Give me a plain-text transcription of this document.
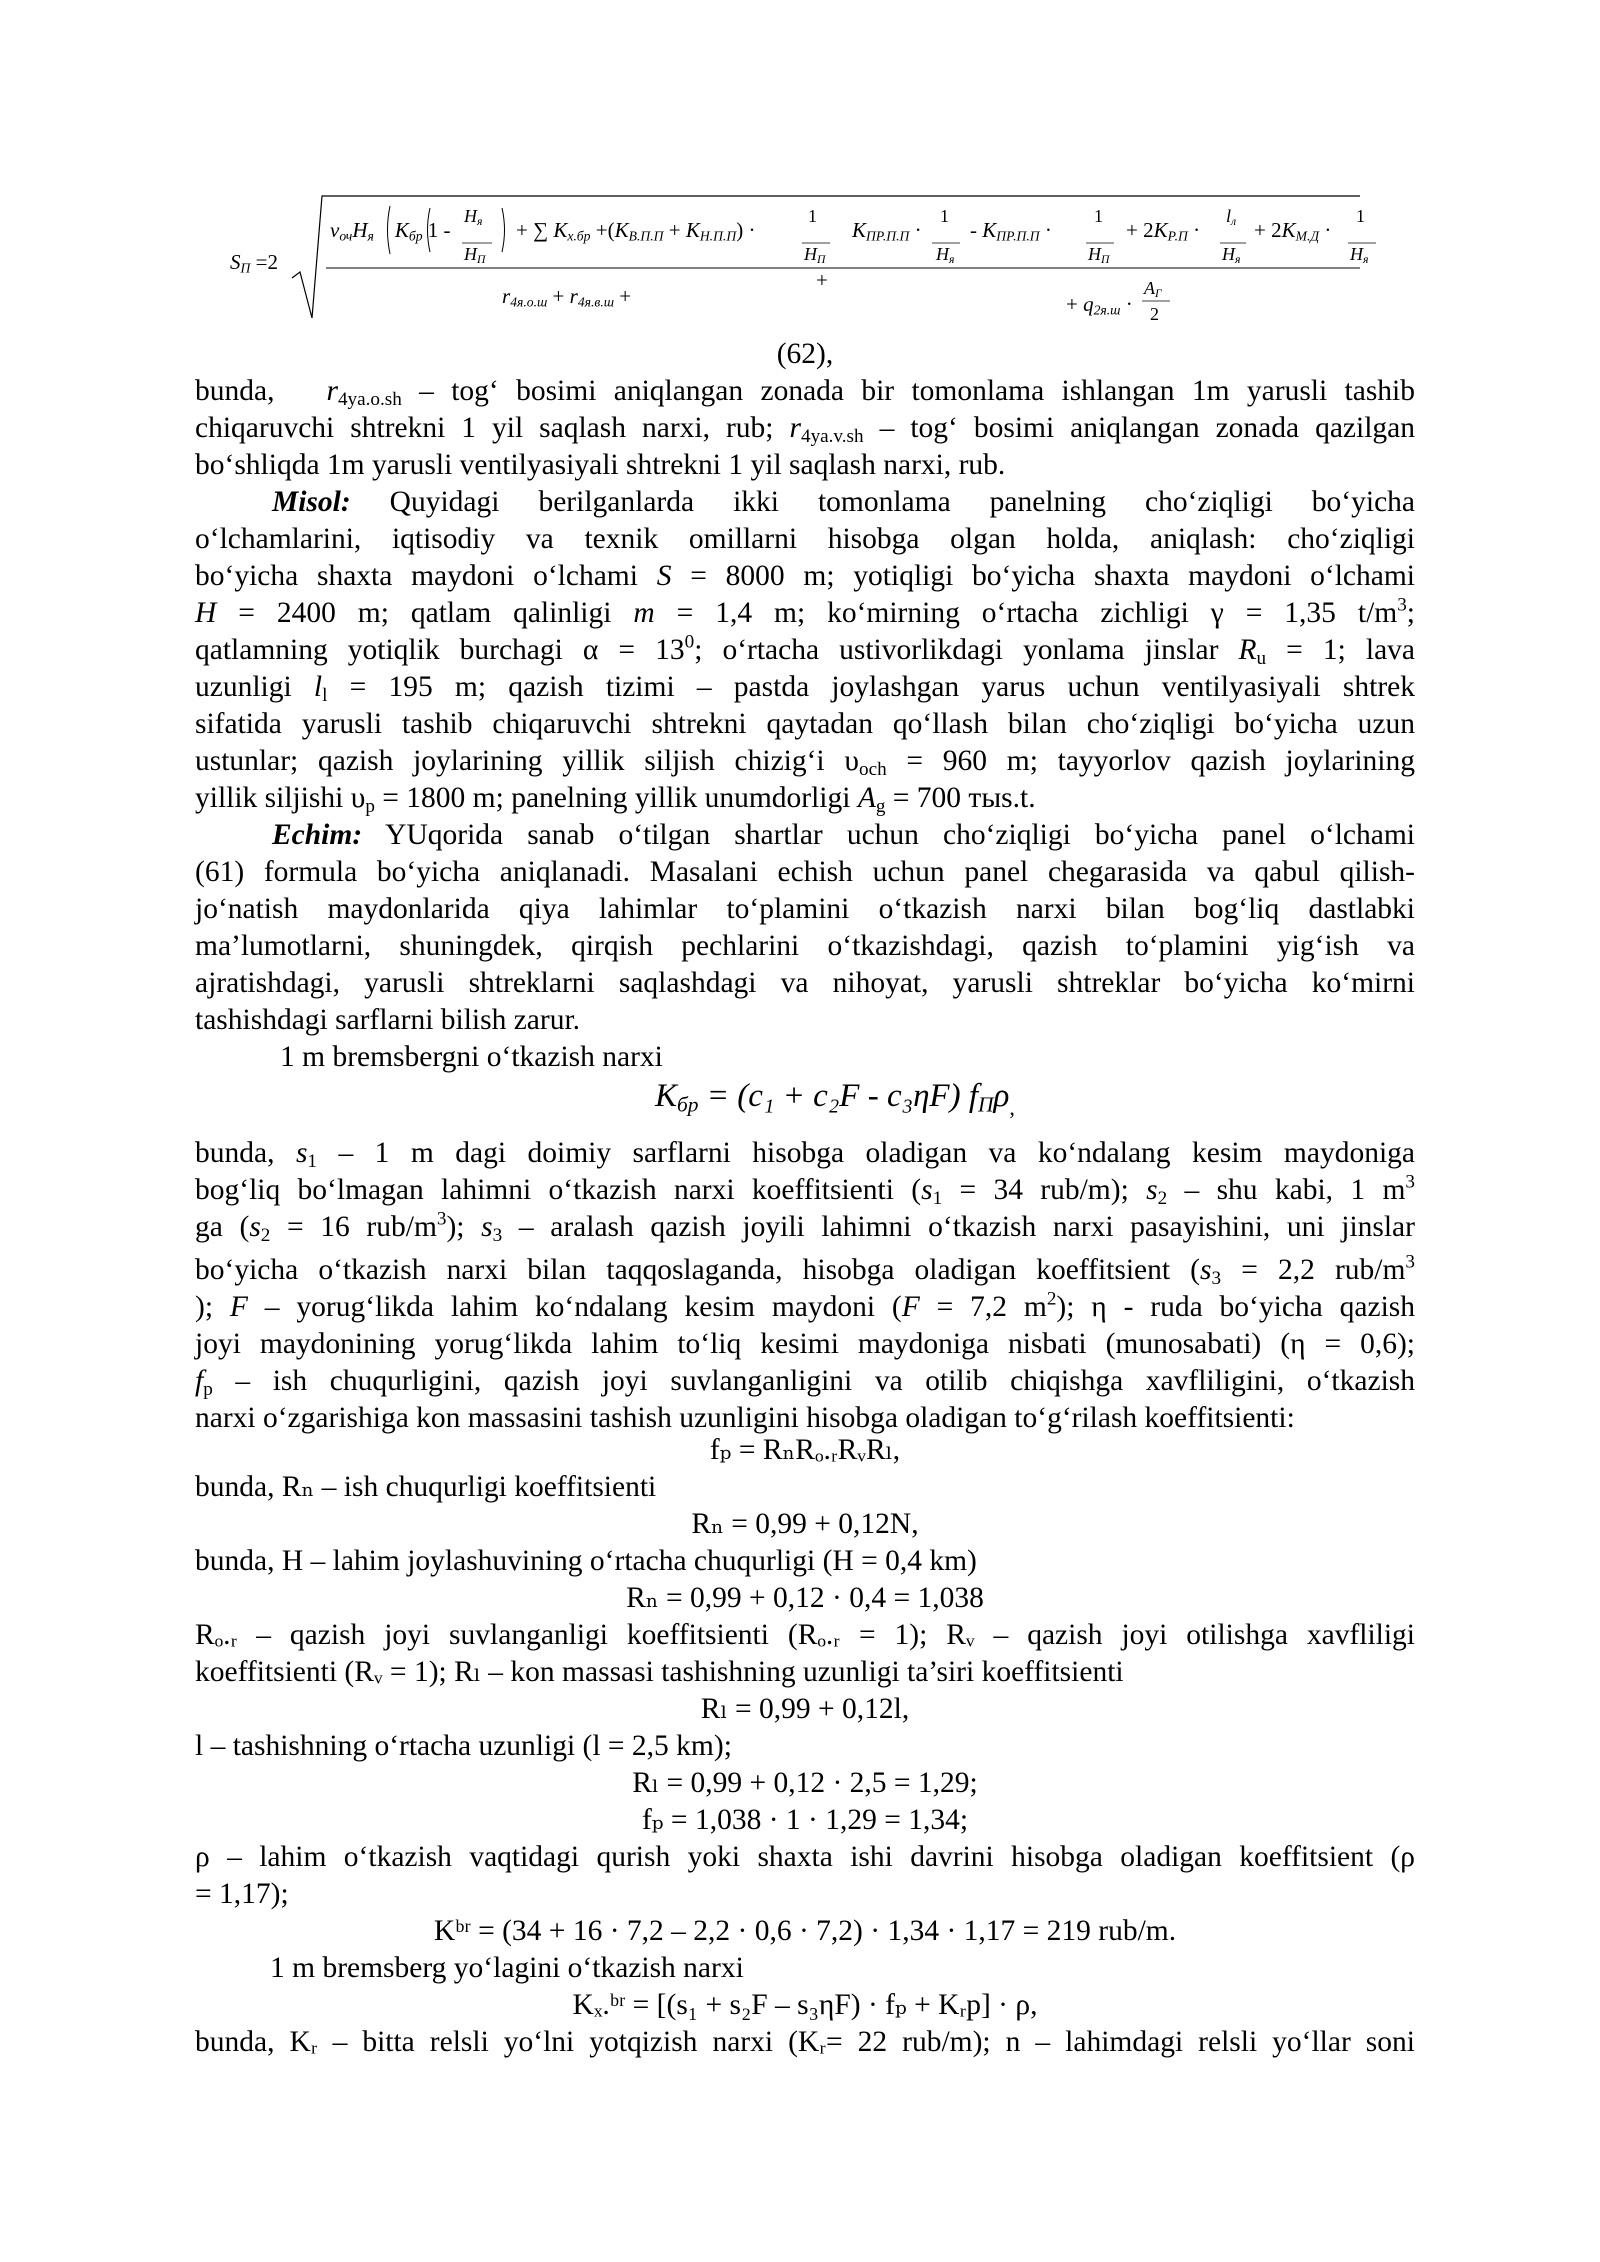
$S_П =2$
$\nu_{оч}H_я$    $K_{бр}$ 1 -
$H_я$
$H_П$
+ ∑ $K_{х.бр} +(K_{В.П.П} + K_{Н.П.П})$ ·
1
$H_П$
$K_{ПР.П.П}$ ·
1
$H_я$
- $K_{ПР.П.П}$ ·
1
$H_П$
+ $2K_{Р.П}$ ·
$l_л$
$H_я$
+ $2K_{М.Д}$ ·
1
$H_я$
+
$r_{4я.о.ш} + r_{4я.в.ш}$ +	+ $q_{2я.ш}$ ·
$A_Г$
2
(62),
bunda, $r_{4ya.o.sh}$ – tog‘ bosimi aniqlangan zonada bir tomonlama ishlangan 1m yarusli tashib
chiqaruvchi shtrekni 1 yil saqlash narxi, rub; $r_{4ya.v.sh}$ – tog‘ bosimi aniqlangan zonada qazilgan
bo‘shliqda 1m yarusli ventilyasiyali shtrekni 1 yil saqlash narxi, rub.
Misol: Quyidagi berilganlarda ikki tomonlama panelning cho‘ziqligi bo‘yicha
o‘lchamlarini, iqtisodiy va texnik omillarni hisobga olgan holda, aniqlash: cho‘ziqligi
bo‘yicha shaxta maydoni o‘lchami S = 8000 m; yotiqligi bo‘yicha shaxta maydoni o‘lchami
H = 2400 m; qatlam qalinligi m = 1,4 m; ko‘mirning o‘rtacha zichligi γ = 1,35 $t/m^3$;
qatlamning yotiqlik burchagi $\alpha = 13^0$; o‘rtacha ustivorlikdagi yonlama jinslar $R_u = 1$; lava
uzunligi $l_l = 195$ m; qazish tizimi – pastda joylashgan yarus uchun ventilyasiyali shtrek
sifatida yarusli tashib chiqaruvchi shtrekni qaytadan qo‘llash bilan cho‘ziqligi bo‘yicha uzun
ustunlar; qazish joylarining yillik siljish chizig‘i $\upsilon_{och} = 960$ m; tayyorlov qazish joylarining
yillik siljishi $\upsilon_p = 1800$ m; panelning yillik unumdorligi $A_g = 700$ тыs.t.
Echim: YUqorida sanab o‘tilgan shartlar uchun cho‘ziqligi bo‘yicha panel o‘lchami
(61) formula bo‘yicha aniqlanadi. Masalani echish uchun panel chegarasida va qabul qilish-
jo‘natish maydonlarida qiya lahimlar to‘plamini o‘tkazish narxi bilan bog‘liq dastlabki
ma’lumotlarni, shuningdek, qirqish pechlarini o‘tkazishdagi, qazish to‘plamini yig‘ish va
ajratishdagi, yarusli shtreklarni saqlashdagi va nihoyat, yarusli shtreklar bo‘yicha ko‘mirni
tashishdagi sarflarni bilish zarur.
1 m bremsbergni o‘tkazish narxi
$K_{бр} = (c_1 + c_2F - c_3\eta F)$ $f_П\rho_,$
bunda, $s_1 - 1$ m dagi doimiy sarflarni hisobga oladigan va ko‘ndalang kesim maydoniga
bog‘liq bo‘lmagan lahimni o‘tkazish narxi koeffitsienti ($s_1 = 34$ rub/m); $s_2$ – shu kabi, 1 $m^3$
ga ($s_2 = 16$ rub/$m^3$); $s_3$ – aralash qazish joyili lahimni o‘tkazish narxi pasayishini, uni jinslar
bo‘yicha o‘tkazish narxi bilan taqqoslaganda, hisobga oladigan koeffitsient ($s_3 = 2,2$ rub/$m^3$
); F – yorug‘likda lahim ko‘ndalang kesim maydoni (F = 7,2 $m^2$); η - ruda bo‘yicha qazish
joyi maydonining yorug‘likda lahim to‘liq kesimi maydoniga nisbati (munosabati) (η = 0,6);
$f_p$ – ish chuqurligini, qazish joyi suvlanganligini va otilib chiqishga xavfliligini, o‘tkazish
narxi o‘zgarishiga kon massasini tashish uzunligini hisobga oladigan to‘g‘rilash koeffitsienti:
fₚ = RₙRₒ.ᵣRᵥRₗ,
bunda, Rₙ – ish chuqurligi koeffitsienti
Rₙ = 0,99 + 0,12N,
bunda, H – lahim joylashuvining o‘rtacha chuqurligi (H = 0,4 km)
Rₙ = 0,99 + 0,12 · 0,4 = 1,038
Rₒ.ᵣ – qazish joyi suvlanganligi koeffitsienti (Rₒ.ᵣ = 1); Rᵥ – qazish joyi otilishga xavfliligi
koeffitsienti (Rᵥ = 1); Rₗ – kon massasi tashishning uzunligi ta’siri koeffitsienti
Rₗ = 0,99 + 0,12l,
l – tashishning o‘rtacha uzunligi (l = 2,5 km);
Rₗ = 0,99 + 0,12 · 2,5 = 1,29;
fₚ = 1,038 · 1 · 1,29 = 1,34;
ρ – lahim o‘tkazish vaqtidagi qurish yoki shaxta ishi davrini hisobga oladigan koeffitsient (ρ
= 1,17);
Kᵇʳ = (34 + 16 · 7,2 – 2,2 · 0,6 · 7,2) · 1,34 · 1,17 = 219 rub/m.
1 m bremsberg yo‘lagini o‘tkazish narxi
Kₓ.ᵇʳ = [(s₁ + s₂F – s₃ηF) · fₚ + Kᵣp] · ρ,
bunda, Kᵣ – bitta relsli yo‘lni yotqizish narxi (Kᵣ= 22 rub/m); n – lahimdagi relsli yo‘llar soni
